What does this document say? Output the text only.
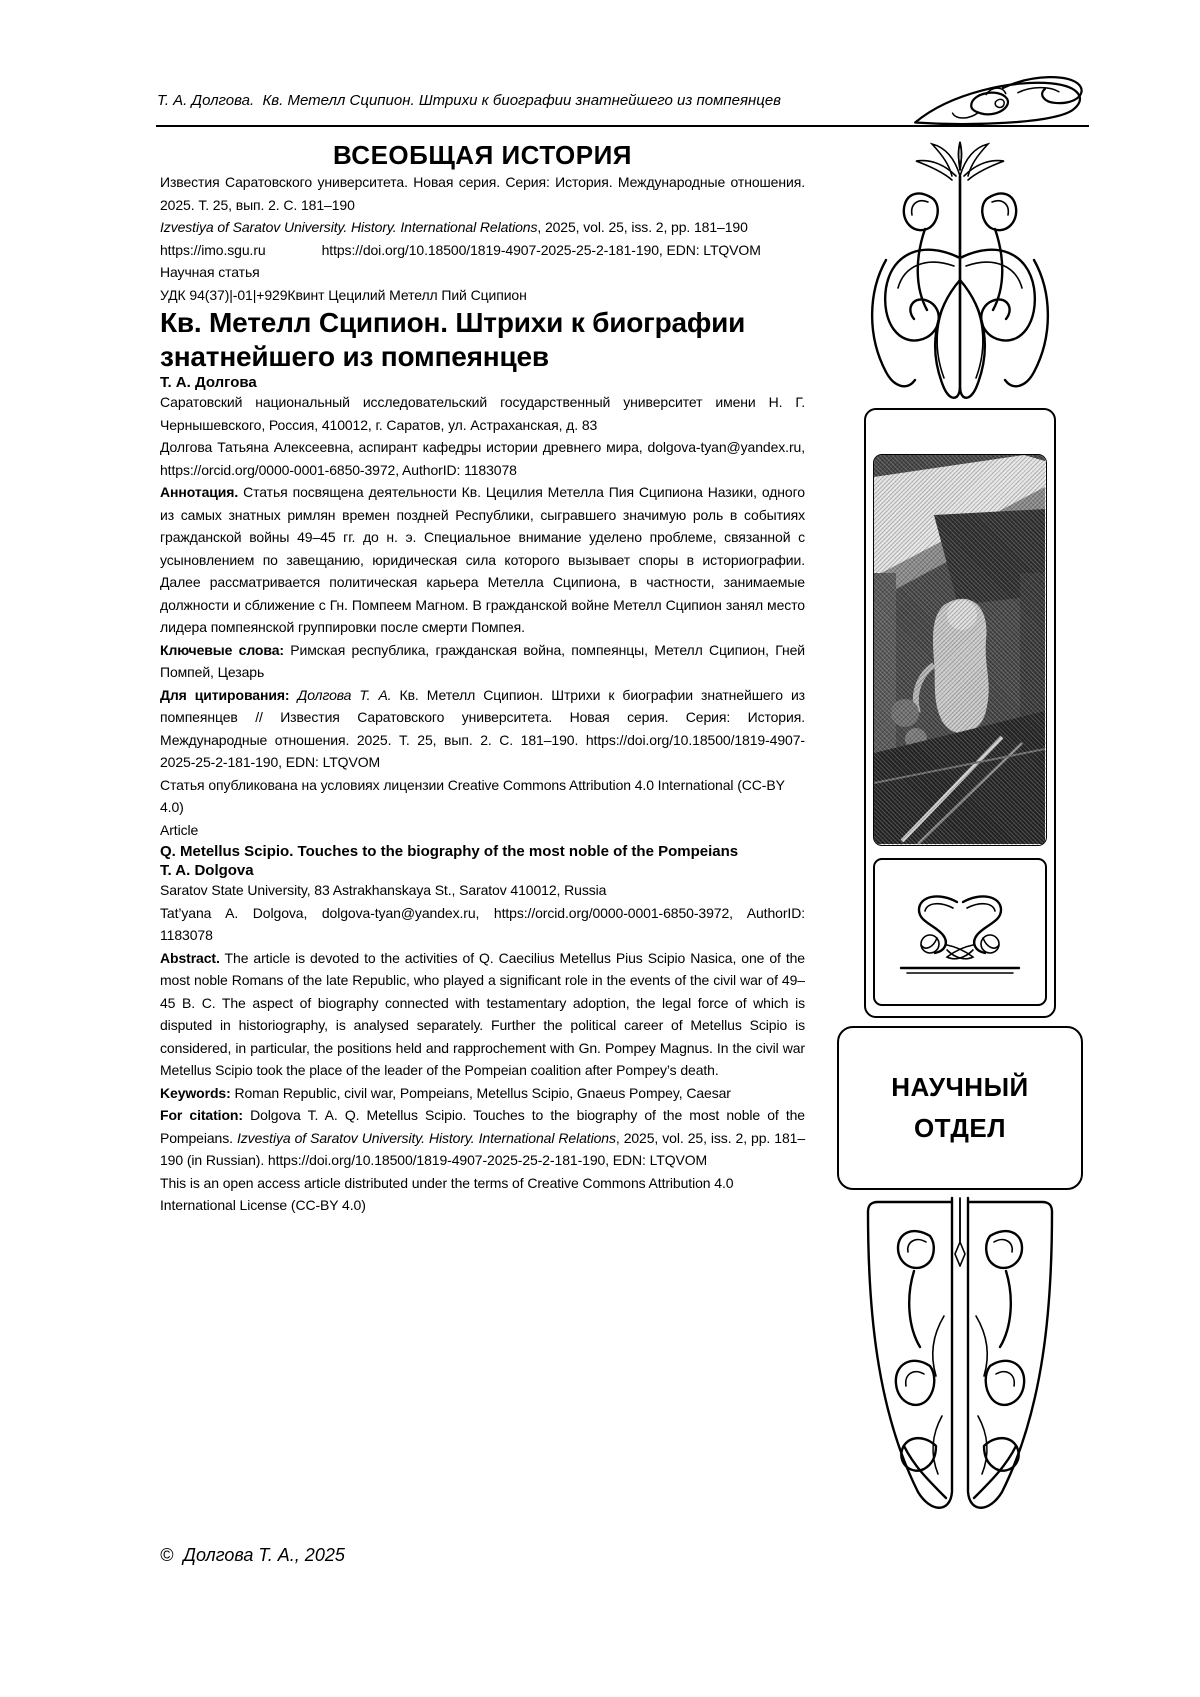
Т. А. Долгова.  Кв. Метелл Сципион. Штрихи к биографии знатнейшего из помпеянцев
ВСЕОБЩАЯ ИСТОРИЯ

Известия Саратовского университета. Новая серия. Серия: История. Международные отношения. 2025. Т. 25, вып. 2. С. 181–190

Izvestiya of Saratov University. History. International Relations, 2025, vol. 25, iss. 2, pp. 181–190

https://imo.sgu.ru	https://doi.org/10.18500/1819-4907-2025-25-2-181-190, EDN: LTQVOM

Научная статья

УДК 94(37)|-01|+929Квинт Цецилий Метелл Пий Сципион

Кв. Метелл Сципион. Штрихи к биографии знатнейшего из помпеянцев
Т. А. Долгова

Саратовский национальный исследовательский государственный университет имени Н. Г. Чернышевского, Россия, 410012, г. Саратов, ул. Астраханская, д. 83

Долгова Татьяна Алексеевна, аспирант кафедры истории древнего мира, dolgova-tyan@yandex.ru, https://orcid.org/0000-0001-6850-3972, AuthorID: 1183078

Аннотация. Статья посвящена деятельности Кв. Цецилия Метелла Пия Сципиона Назики, одного из самых знатных римлян времен поздней Республики, сыгравшего значимую роль в событиях гражданской войны 49–45 гг. до н. э. Специальное внимание уделено проблеме, связанной с усыновлением по завещанию, юридическая сила которого вызывает споры в историографии. Далее рассматривается политическая карьера Метелла Сципиона, в частности, занимаемые должности и сближение с Гн. Помпеем Магном. В гражданской войне Метелл Сципион занял место лидера помпеянской группировки после смерти Помпея.

Ключевые слова: Римская республика, гражданская война, помпеянцы, Метелл Сципион, Гней Помпей, Цезарь

Для цитирования: Долгова Т. А. Кв. Метелл Сципион. Штрихи к биографии знатнейшего из помпеянцев // Известия Саратовского университета. Новая серия. Серия: История. Международные отношения. 2025. Т. 25, вып. 2. С. 181–190. https://doi.org/10.18500/1819-4907-2025-25-2-181-190, EDN: LTQVOM

Статья опубликована на условиях лицензии Creative Commons Attribution 4.0 International (CC-BY 4.0)

Article

Q. Metellus Scipio. Touches to the biography of the most noble of the Pompeians
T. A. Dolgova

Saratov State University, 83 Astrakhanskaya St., Saratov 410012, Russia

Tat’yana A. Dolgova, dolgova-tyan@yandex.ru, https://orcid.org/0000-0001-6850-3972, AuthorID: 1183078

Abstract. The article is devoted to the activities of Q. Caecilius Metellus Pius Scipio Nasica, one of the most noble Romans of the late Republic, who played a significant role in the events of the civil war of 49–45 B. C. The aspect of biography connected with testamentary adoption, the legal force of which is disputed in historiography, is analysed separately. Further the political career of Metellus Scipio is considered, in particular, the positions held and rapprochement with Gn. Pompey Magnus. In the civil war Metellus Scipio took the place of the leader of the Pompeian coalition after Pompey’s death.

Keywords: Roman Republic, civil war, Pompeians, Metellus Scipio, Gnaeus Pompey, Caesar

For citation: Dolgova T. A. Q. Metellus Scipio. Touches to the biography of the most noble of the Pompeians. Izvestiya of Saratov University. History. International Relations, 2025, vol. 25, iss. 2, pp. 181–190 (in Russian). https://doi.org/10.18500/1819-4907-2025-25-2-181-190, EDN: LTQVOM

This is an open access article distributed under the terms of Creative Commons Attribution 4.0 International License (CC-BY 4.0)

©  Долгова Т. А., 2025
НАУЧНЫЙ
ОТДЕЛ
